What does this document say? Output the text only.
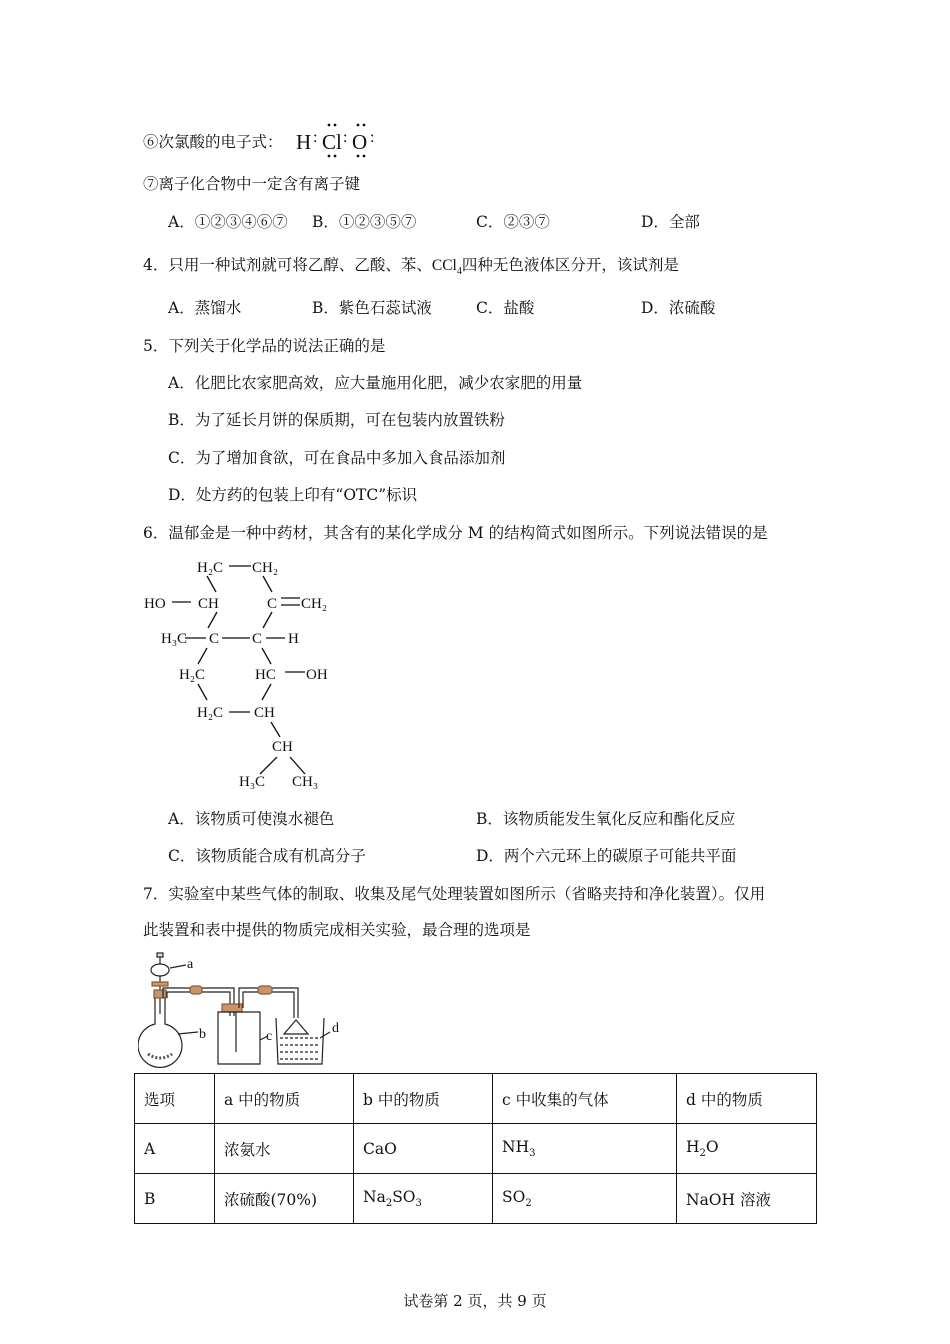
⑥次氯酸的电子式： H : Cl : O :
⑦离子化合物中一定含有离子键
A．①②③④⑥⑦ B．①②③⑤⑦	C．②③⑦	D．全部
4．只用一种试剂就可将乙醇、乙酸、苯、CCl$_4$四种无色液体区分开，该试剂是
A．蒸馏水	B．紫色石蕊试液	C．盐酸	D．浓硫酸
5．下列关于化学品的说法正确的是
A．化肥比农家肥高效，应大量施用化肥，减少农家肥的用量
B．为了延长月饼的保质期，可在包装内放置铁粉
C．为了增加食欲，可在食品中多加入食品添加剂
D．处方药的包装上印有“OTC”标识
6．温郁金是一种中药材，其含有的某化学成分 M 的结构简式如图所示。下列说法错误的是
H₂C CH₂
HO CH	C CH₂
H₃C C C H
H₂C	HC OH
H₂C CH
CH
H₃C CH₃
A．该物质可使溴水褪色	B．该物质能发生氧化反应和酯化反应
C．该物质能合成有机高分子	D．两个六元环上的碳原子可能共平面
7．实验室中某些气体的制取、收集及尾气处理装置如图所示（省略夹持和净化装置）。仅用
此装置和表中提供的物质完成相关实验，最合理的选项是
a
b	c
d
选项	a 中的物质	b 中的物质	c 中收集的气体	d 中的物质
A	浓氨水	CaO	$NH_3$	$H_2O$
B	浓硫酸(70%)	$Na_2SO_3$	$SO_2$	NaOH 溶液
试卷第 2 页，共 9 页
